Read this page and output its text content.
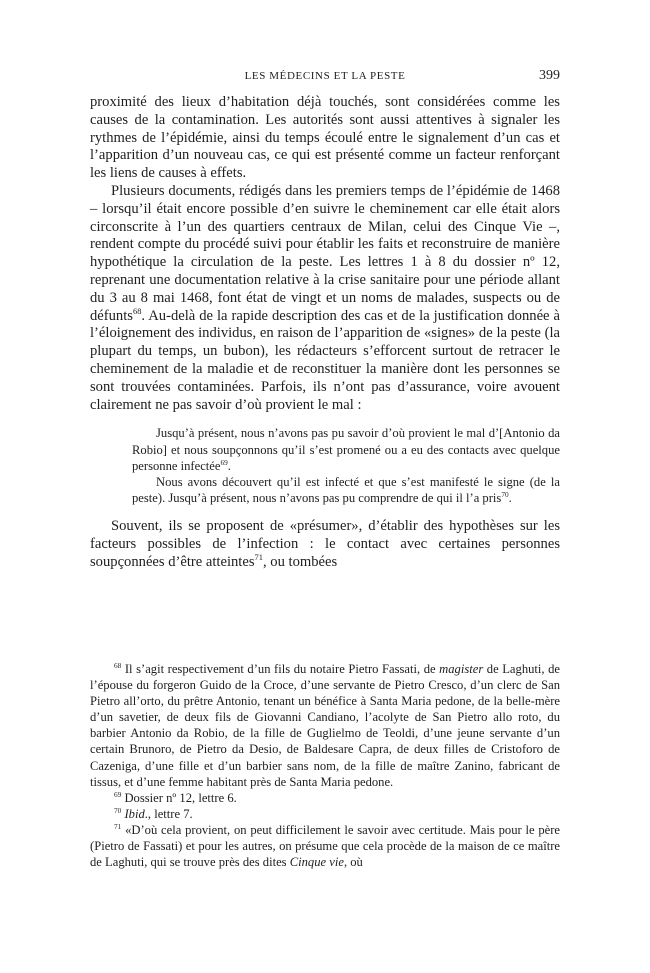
LES MÉDECINS ET LA PESTE	399

proximité des lieux d’habitation déjà touchés, sont considérées comme les causes de la contamination. Les autorités sont aussi attentives à signaler les rythmes de l’épidémie, ainsi du temps écoulé entre le signalement d’un cas et l’apparition d’un nouveau cas, ce qui est présenté comme un facteur renforçant les liens de causes à effets.

Plusieurs documents, rédigés dans les premiers temps de l’épidémie de 1468 – lorsqu’il était encore possible d’en suivre le cheminement car elle était alors circonscrite à l’un des quartiers centraux de Milan, celui des Cinque Vie –, rendent compte du procédé suivi pour établir les faits et reconstruire de manière hypothétique la circulation de la peste. Les lettres 1 à 8 du dossier nº 12, reprenant une documentation relative à la crise sanitaire pour une période allant du 3 au 8 mai 1468, font état de vingt et un noms de malades, suspects ou de défunts$^{68}$. Au-delà de la rapide description des cas et de la justification donnée à l’éloignement des individus, en raison de l’apparition de «signes» de la peste (la plupart du temps, un bubon), les rédacteurs s’efforcent surtout de retracer le cheminement de la maladie et de reconstituer la manière dont les personnes se sont trouvées contaminées. Parfois, ils n’ont pas d’assurance, voire avouent clairement ne pas savoir d’où provient le mal :

Jusqu’à présent, nous n’avons pas pu savoir d’où provient le mal d’[Antonio da Robio] et nous soupçonnons qu’il s’est promené ou a eu des contacts avec quelque personne infectée$^{69}$.

Nous avons découvert qu’il est infecté et que s’est manifesté le signe (de la peste). Jusqu’à présent, nous n’avons pas pu comprendre de qui il l’a pris$^{70}$.

Souvent, ils se proposent de «présumer», d’établir des hypothèses sur les facteurs possibles de l’infection : le contact avec certaines personnes soupçonnées d’être atteintes$^{71}$, ou tombées

$^{68}$ Il s’agit respectivement d’un fils du notaire Pietro Fassati, de magister de Laghuti, de l’épouse du forgeron Guido de la Croce, d’une servante de Pietro Cresco, d’un clerc de San Pietro all’orto, du prêtre Antonio, tenant un bénéfice à Santa Maria pedone, de la belle-mère d’un savetier, de deux fils de Giovanni Candiano, l’acolyte de San Pietro allo roto, du barbier Antonio da Robio, de la fille de Guglielmo de Teoldi, d’une jeune servante d’un certain Brunoro, de Pietro da Desio, de Baldesare Capra, de deux filles de Cristoforo de Cazeniga, d’une fille et d’un barbier sans nom, de la fille de maître Zanino, fabricant de tissus, et d’une femme habitant près de Santa Maria pedone.

$^{69}$ Dossier nº 12, lettre 6.

$^{70}$ Ibid., lettre 7.

$^{71}$ «D’où cela provient, on peut difficilement le savoir avec certitude. Mais pour le père (Pietro de Fassati) et pour les autres, on présume que cela procède de la maison de ce maître de Laghuti, qui se trouve près des dites Cinque vie, où
